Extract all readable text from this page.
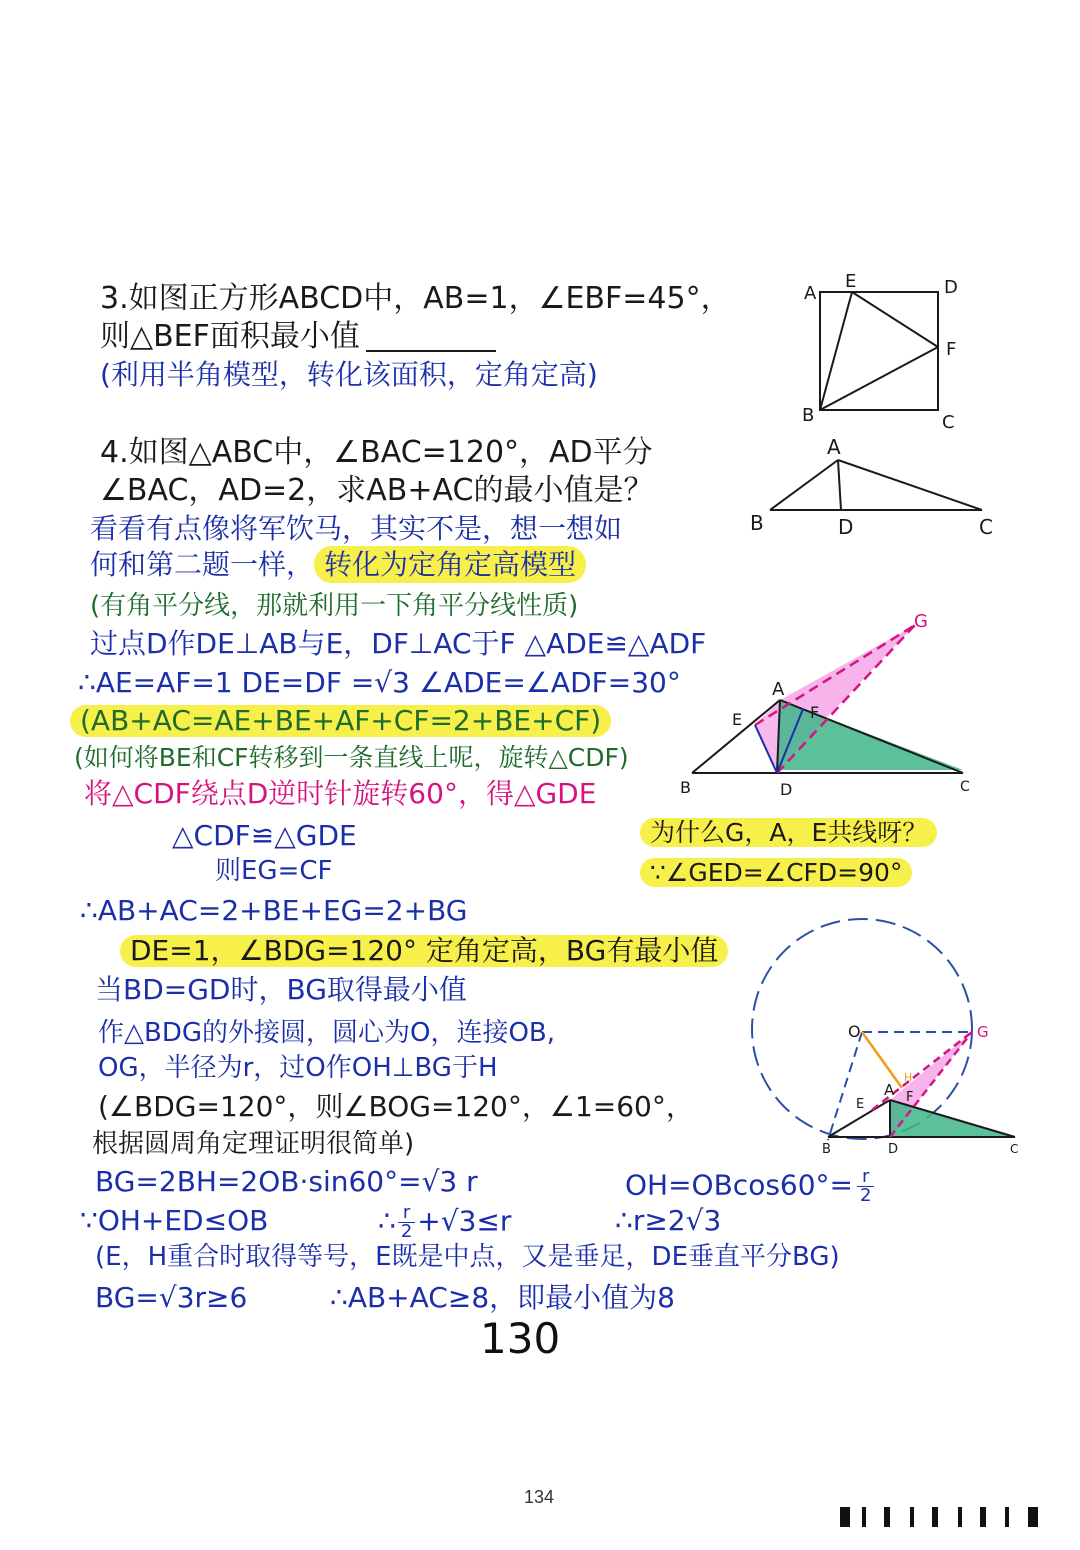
3.如图正方形ABCD中，AB=1，∠EBF=45°，
则△BEF面积最小值
(利用半角模型，转化该面积，定角定高)
A
E	D
F
B	C
4.如图△ABC中，∠BAC=120°，AD平分
∠BAC，AD=2，求AB+AC的最小值是？
A
B	D	C
看看有点像将军饮马，其实不是，想一想如
何和第二题一样， 转化为定角定高模型
(有角平分线，那就利用一下角平分线性质)
过点D作DE⊥AB与E，DF⊥AC于F △ADE≌△ADF
∴AE=AF=1 DE=DF =√3 ∠ADE=∠ADF=30°
(AB+AC=AE+BE+AF+CF=2+BE+CF)
(如何将BE和CF转移到一条直线上呢，旋转△CDF)
将△CDF绕点D逆时针旋转60°，得△GDE
G
A
E	F
B	D	C
△CDF≌△GDE
则EG=CF
为什么G，A，E共线呀？
∵∠GED=∠CFD=90°
∴AB+AC=2+BE+EG=2+BG
DE=1，∠BDG=120° 定角定高，BG有最小值
当BD=GD时，BG取得最小值
作△BDG的外接圆，圆心为O，连接OB,
OG，半径为r，过O作OH⊥BG于H
(∠BDG=120°，则∠BOG=120°，∠1=60°，
根据圆周角定理证明很简单)
O	G
A
E	F
H
B	D	C
BG=2BH=2OB·sin60°=√3 r	$OH=OBcos60^\circ= \frac{r}{2}$
∵OH+ED≤OB	∴ $\frac{r}{2} +√3\le r$	∴r≥2√3
(E，H重合时取得等号，E既是中点，又是垂足，DE垂直平分BG)
BG=√3r≥6	∴AB+AC≥8，即最小值为8
130
134
